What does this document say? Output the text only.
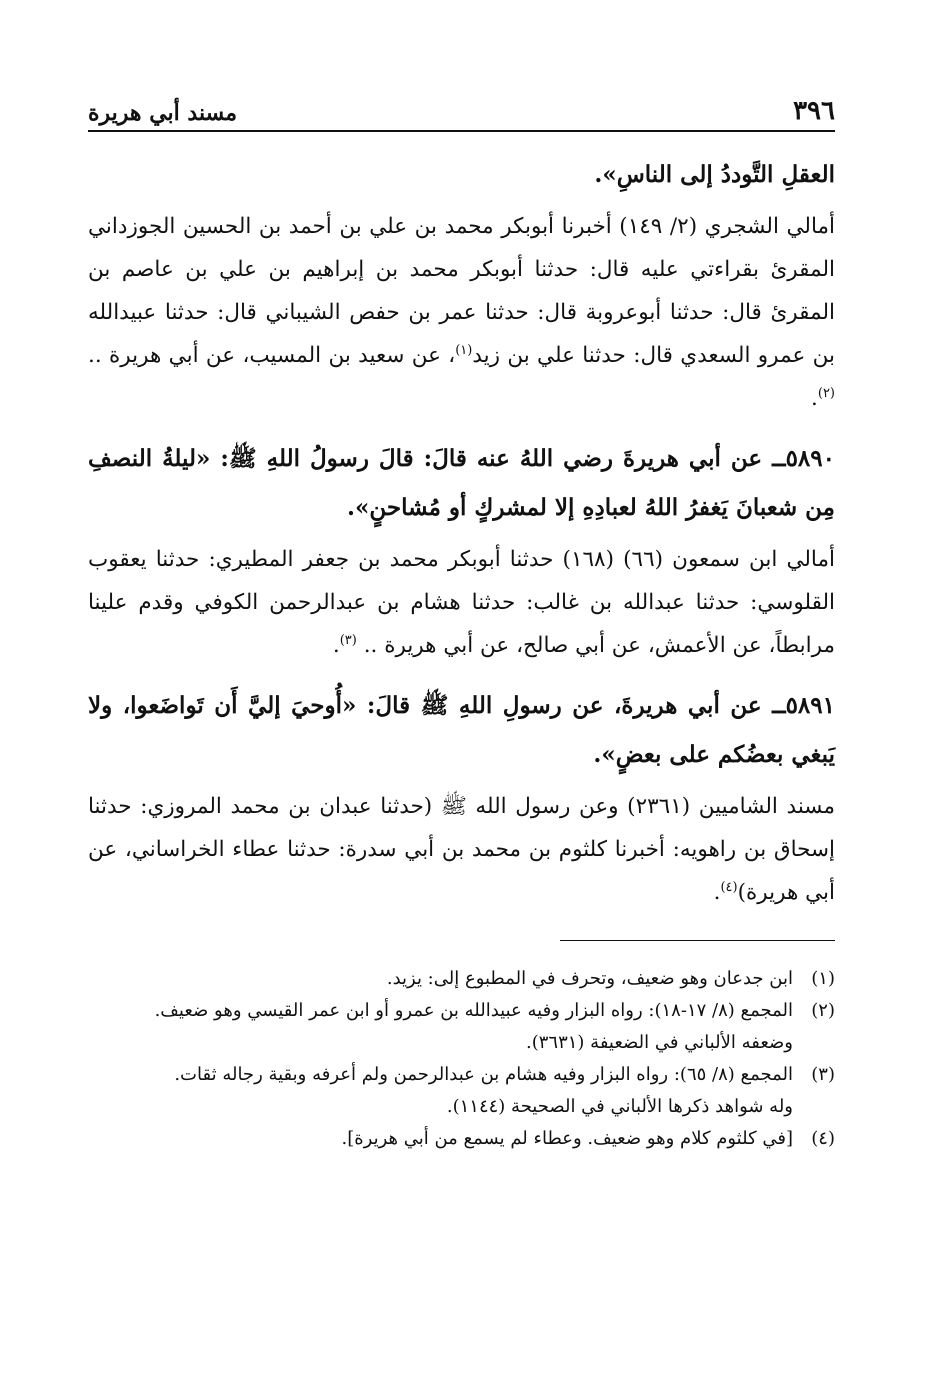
٣٩٦
مسند أبي هريرة

العقلِ التَّوددُ إلى الناسِ».

أمالي الشجري (٢/ ١٤٩) أخبرنا أبوبكر محمد بن علي بن أحمد بن الحسين الجوزداني المقرئ بقراءتي عليه قال: حدثنا أبوبكر محمد بن إبراهيم بن علي بن عاصم بن المقرئ قال: حدثنا أبوعروبة قال: حدثنا عمر بن حفص الشيباني قال: حدثنا عبيدالله بن عمرو السعدي قال: حدثنا علي بن زيد$^{(١)}$، عن سعيد بن المسيب، عن أبي هريرة .. $^{(٢)}$.

٥٨٩٠ــ عن أبي هريرةَ رضي اللهُ عنه قالَ: قالَ رسولُ اللهِ ﷺ: «ليلةُ النصفِ مِن شعبانَ يَغفرُ اللهُ لعبادِهِ إلا لمشركٍ أو مُشاحنٍ».

أمالي ابن سمعون (٦٦) (١٦٨) حدثنا أبوبكر محمد بن جعفر المطيري: حدثنا يعقوب القلوسي: حدثنا عبدالله بن غالب: حدثنا هشام بن عبدالرحمن الكوفي وقدم علينا مرابطاً، عن الأعمش، عن أبي صالح، عن أبي هريرة .. $^{(٣)}$.

٥٨٩١ــ عن أبي هريرةَ، عن رسولِ اللهِ ﷺ قالَ: «أُوحيَ إليَّ أَن تَواضَعوا، ولا يَبغي بعضُكم على بعضٍ».

مسند الشاميين (٢٣٦١) وعن رسول الله ﷺ (حدثنا عبدان بن محمد المروزي: حدثنا إسحاق بن راهويه: أخبرنا كلثوم بن محمد بن أبي سدرة: حدثنا عطاء الخراساني، عن أبي هريرة)$^{(٤)}$.

(١)
ابن جدعان وهو ضعيف، وتحرف في المطبوع إلى: يزيد.
(٢)
المجمع (٨/ ١٧-١٨): رواه البزار وفيه عبيدالله بن عمرو أو ابن عمر القيسي وهو ضعيف.
وضعفه الألباني في الضعيفة (٣٦٣١).
(٣)
المجمع (٨/ ٦٥): رواه البزار وفيه هشام بن عبدالرحمن ولم أعرفه وبقية رجاله ثقات.
وله شواهد ذكرها الألباني في الصحيحة (١١٤٤).
(٤)
[في كلثوم كلام وهو ضعيف. وعطاء لم يسمع من أبي هريرة].
